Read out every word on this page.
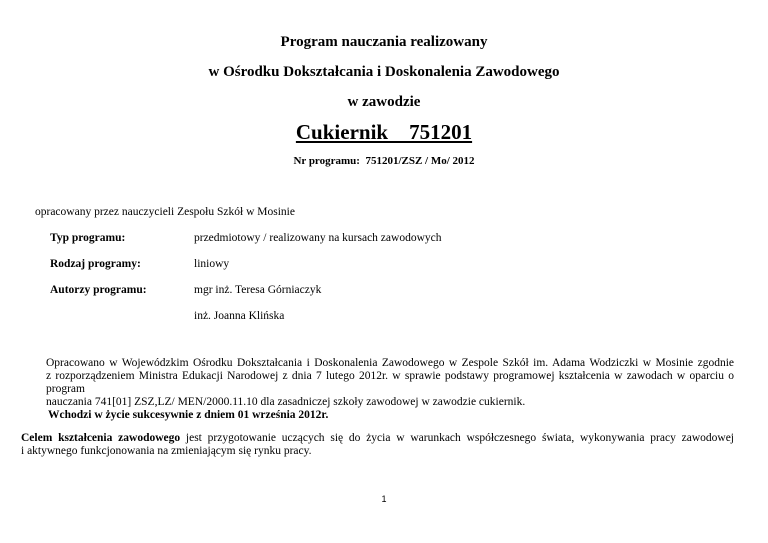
Program nauczania realizowany
w Ośrodku Dokształcania i Doskonalenia Zawodowego
w zawodzie
Cukiernik    751201
Nr programu:  751201/ZSZ / Mo/ 2012
opracowany przez nauczycieli Zespołu Szkół w Mosinie
Typ programu:	przedmiotowy / realizowany na kursach zawodowych
Rodzaj programy:	liniowy
Autorzy programu:	mgr inż. Teresa Górniaczyk
inż. Joanna Klińska

Opracowano w Wojewódzkim Ośrodku Dokształcania i Doskonalenia Zawodowego w Zespole Szkół im. Adama Wodziczki w Mosinie zgodnie

z rozporządzeniem Ministra Edukacji Narodowej z dnia 7 lutego 2012r. w sprawie podstawy programowej kształcenia w zawodach w oparciu o program

nauczania 741[01] ZSZ,LZ/ MEN/2000.11.10 dla zasadniczej szkoły zawodowej w zawodzie cukiernik.

Wchodzi w życie sukcesywnie z dniem 01 września 2012r.

Celem kształcenia zawodowego jest przygotowanie uczących się do życia w warunkach współczesnego świata, wykonywania pracy zawodowej

i aktywnego funkcjonowania na zmieniającym się rynku pracy.

1
